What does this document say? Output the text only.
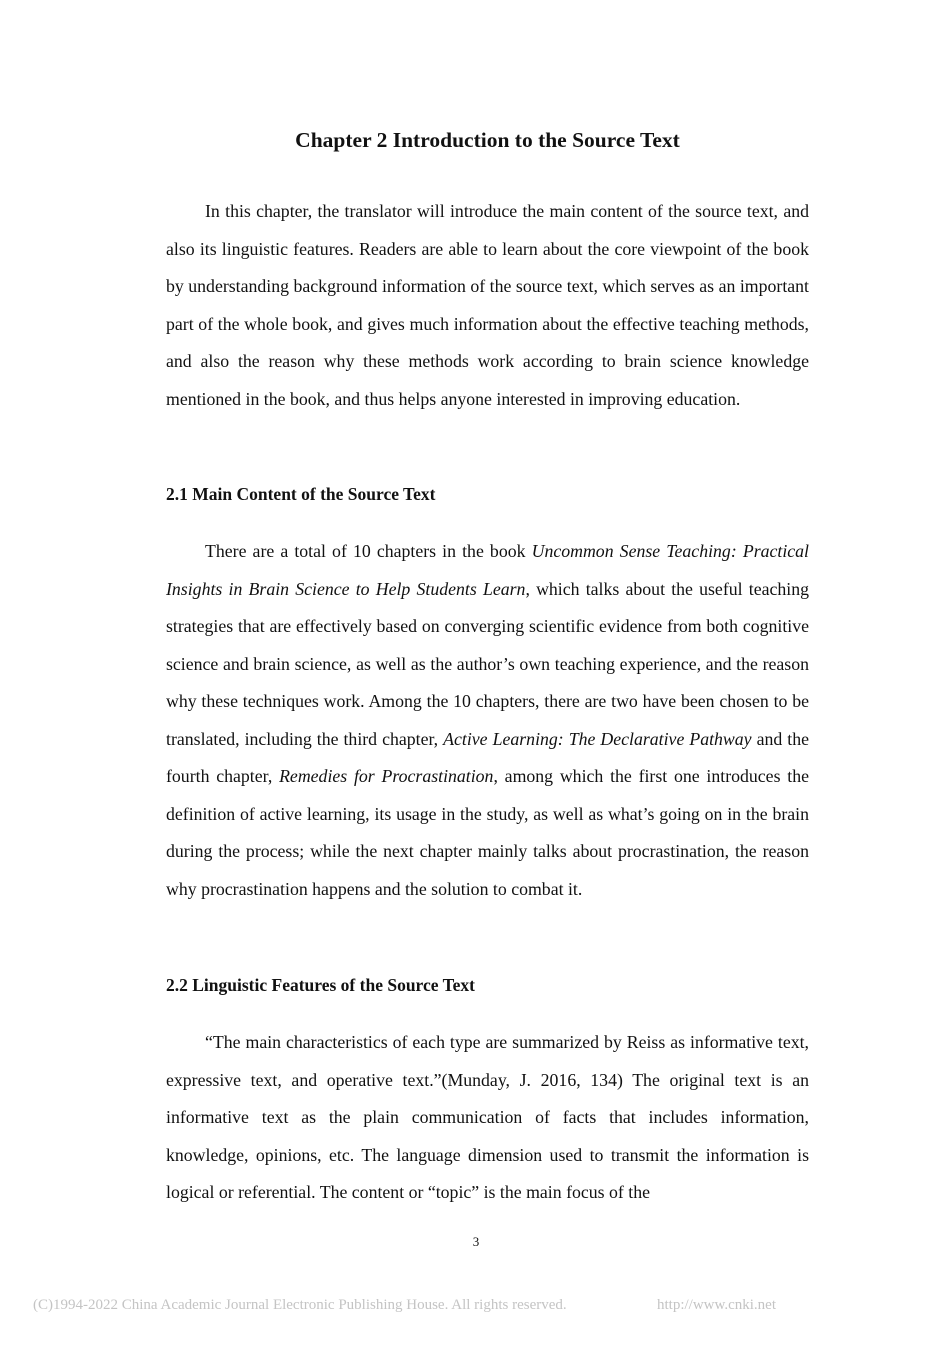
Chapter 2 Introduction to the Source Text

In this chapter, the translator will introduce the main content of the source text, and also its linguistic features. Readers are able to learn about the core viewpoint of the book by understanding background information of the source text, which serves as an important part of the whole book, and gives much information about the effective teaching methods, and also the reason why these methods work according to brain science knowledge mentioned in the book, and thus helps anyone interested in improving education.

2.1 Main Content of the Source Text

There are a total of 10 chapters in the book Uncommon Sense Teaching: Practical Insights in Brain Science to Help Students Learn, which talks about the useful teaching strategies that are effectively based on converging scientific evidence from both cognitive science and brain science, as well as the author’s own teaching experience, and the reason why these techniques work. Among the 10 chapters, there are two have been chosen to be translated, including the third chapter, Active Learning: The Declarative Pathway and the fourth chapter, Remedies for Procrastination, among which the first one introduces the definition of active learning, its usage in the study, as well as what’s going on in the brain during the process; while the next chapter mainly talks about procrastination, the reason why procrastination happens and the solution to combat it.

2.2 Linguistic Features of the Source Text

“The main characteristics of each type are summarized by Reiss as informative text, expressive text, and operative text.”(Munday, J. 2016, 134) The original text is an informative text as the plain communication of facts that includes information, knowledge, opinions, etc. The language dimension used to transmit the information is logical or referential. The content or “topic” is the main focus of the

3
(C)1994-2022 China Academic Journal Electronic Publishing House. All rights reserved.	http://www.cnki.net
